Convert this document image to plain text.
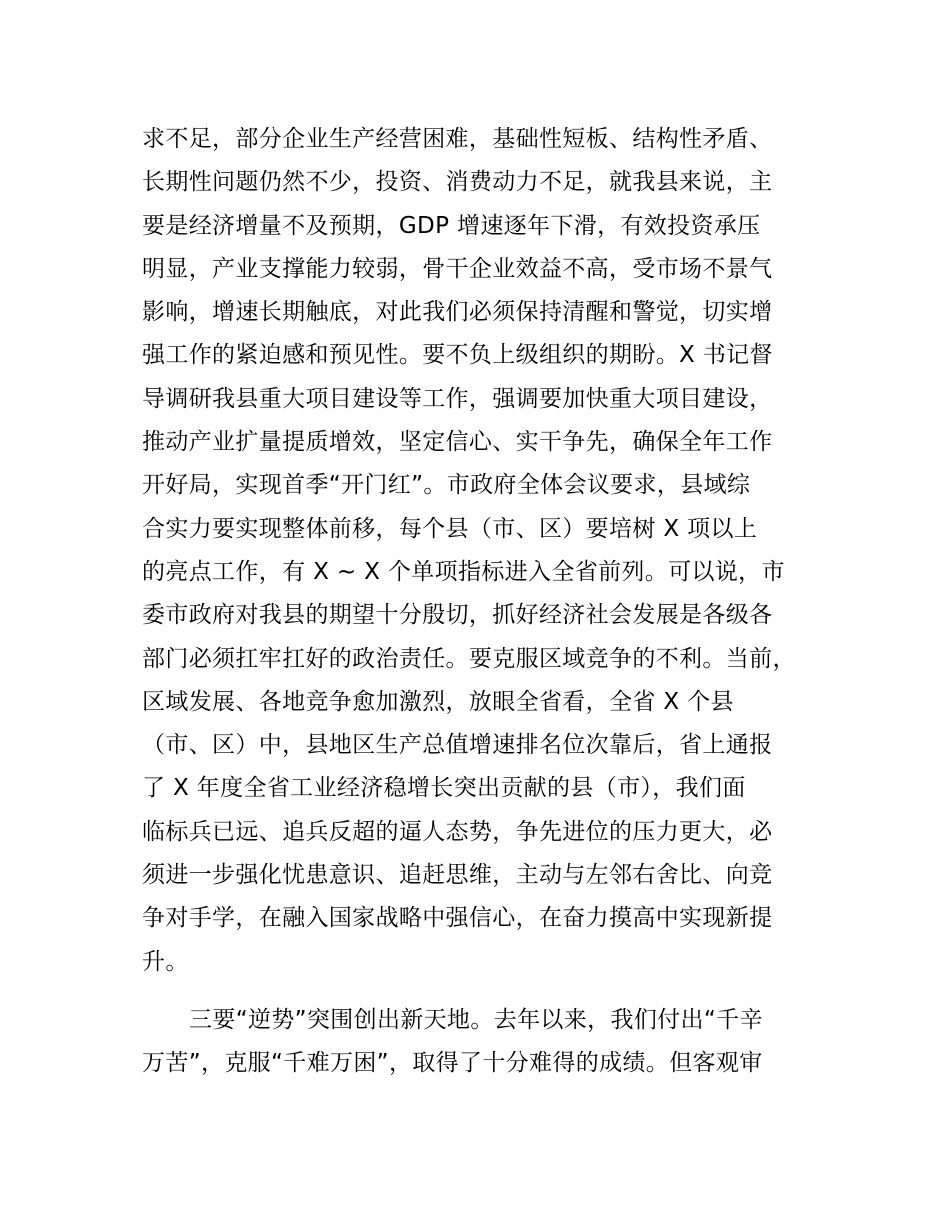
求不足，部分企业生产经营困难，基础性短板、结构性矛盾、
长期性问题仍然不少，投资、消费动力不足，就我县来说，主
要是经济增量不及预期，GDP 增速逐年下滑，有效投资承压
明显，产业支撑能力较弱，骨干企业效益不高，受市场不景气
影响，增速长期触底，对此我们必须保持清醒和警觉，切实增
强工作的紧迫感和预见性。要不负上级组织的期盼。X 书记督
导调研我县重大项目建设等工作，强调要加快重大项目建设，
推动产业扩量提质增效，坚定信心、实干争先，确保全年工作
开好局，实现首季“开门红”。市政府全体会议要求，县域综
合实力要实现整体前移，每个县（市、区）要培树 X 项以上
的亮点工作，有 X ~ X 个单项指标进入全省前列。可以说，市
委市政府对我县的期望十分殷切，抓好经济社会发展是各级各
部门必须扛牢扛好的政治责任。要克服区域竞争的不利。当前，
区域发展、各地竞争愈加激烈，放眼全省看，全省 X 个县
（市、区）中，县地区生产总值增速排名位次靠后，省上通报
了 X 年度全省工业经济稳增长突出贡献的县（市），我们面
临标兵已远、追兵反超的逼人态势，争先进位的压力更大，必
须进一步强化忧患意识、追赶思维，主动与左邻右舍比、向竞
争对手学，在融入国家战略中强信心，在奋力摸高中实现新提
升。
三要“逆势”突围创出新天地。去年以来，我们付出“千辛
万苦”，克服“千难万困”，取得了十分难得的成绩。但客观审
